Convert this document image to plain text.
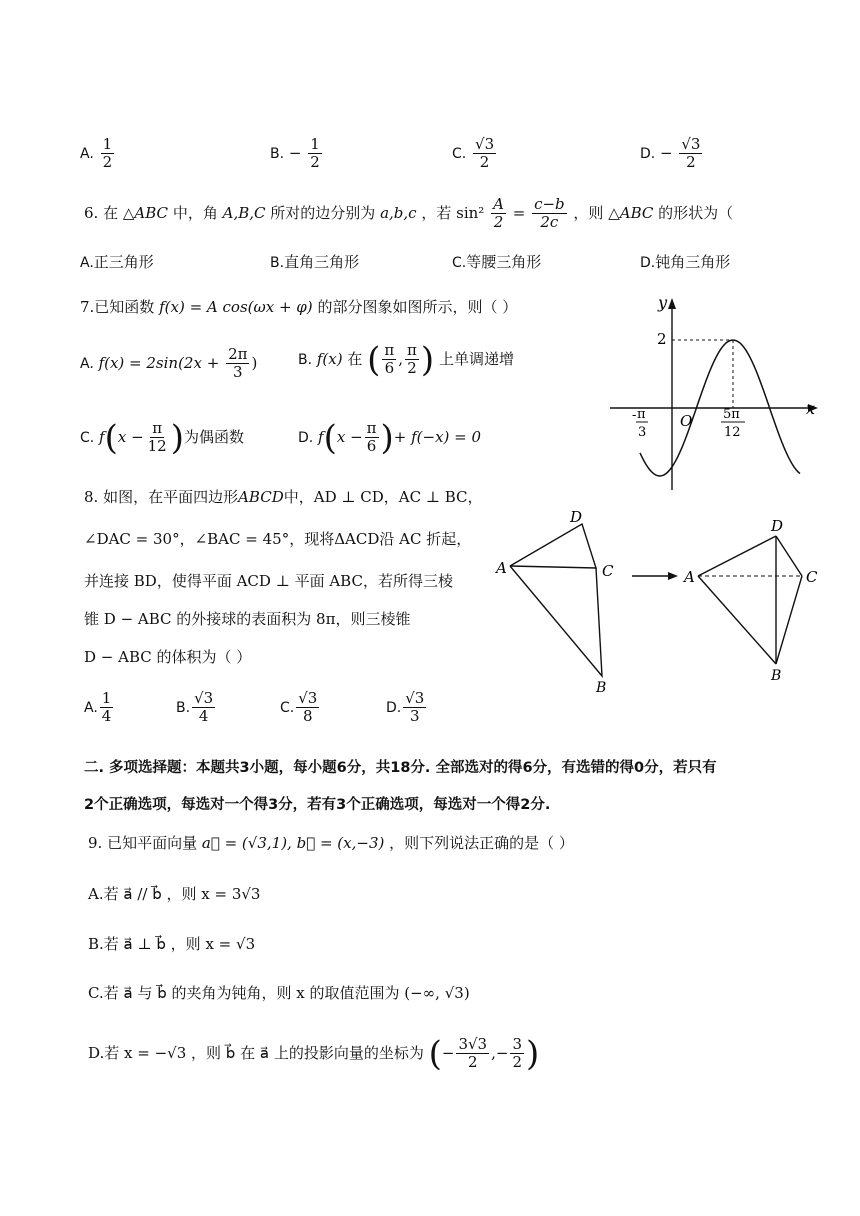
A. $\frac{1}{2}$	B. − $\frac{1}{2}$	C. $\frac{√3}{2}$	D. − $\frac{√3}{2}$
6. 在 △ABC 中，角 A,B,C 所对的边分别为 a,b,c ，若 $\sin^2 \frac{A}{2} = \frac{c-b}{2c}$ ，则 △ABC 的形状为（
A.正三角形	B.直角三角形	C.等腰三角形	D.钝角三角形
7.已知函数 f(x) = A cos(ωx + φ) 的部分图象如图所示，则（ ）
A. $f(x) = 2\sin(2x + \frac{2\pi}{3}$ )	B. f(x) 在 ( $\frac{\pi}{6}$ , $\frac{\pi}{2}$ ) 上单调递增
C. $f(x - \frac{\pi}{12}$ )为偶函数	D. $f(x - \frac{\pi}{6}$ )+ f(−x) = 0
y
x
O
2
- π
3
5π
12
8. 如图，在平面四边形ABCD中，AD ⊥ CD，AC ⊥ BC，
∠DAC = 30°，∠BAC = 45°，现将ΔACD沿 AC 折起，
并连接 BD，使得平面 ACD ⊥ 平面 ABC，若所得三棱
锥 D − ABC 的外接球的表面积为 8π，则三棱锥
D − ABC 的体积为（ ）
A. $\frac{1}{4}$	B. $\frac{√3}{4}$	C. $\frac{√3}{8}$	D. $\frac{√3}{3}$
A
D
C
B
A
D
C
B
二. 多项选择题：本题共3小题，每小题6分，共18分. 全部选对的得6分，有选错的得0分，若只有
2个正确选项，每选对一个得3分，若有3个正确选项，每选对一个得2分.
9. 已知平面向量 a⃗ = (√3,1), b⃗ = (x,−3) ，则下列说法正确的是（ ）
A.若 a⃗ // b⃗ ，则 x = 3√3
B.若 a⃗ ⊥ b⃗ ，则 x = √3
C.若 a⃗ 与 b⃗ 的夹角为钝角，则 x 的取值范围为 (−∞, √3)
D.若 x = −√3 ，则 b⃗ 在 a⃗ 上的投影向量的坐标为 (− $\frac{3√3}{2}$ ,− $\frac{3}{2}$ )
